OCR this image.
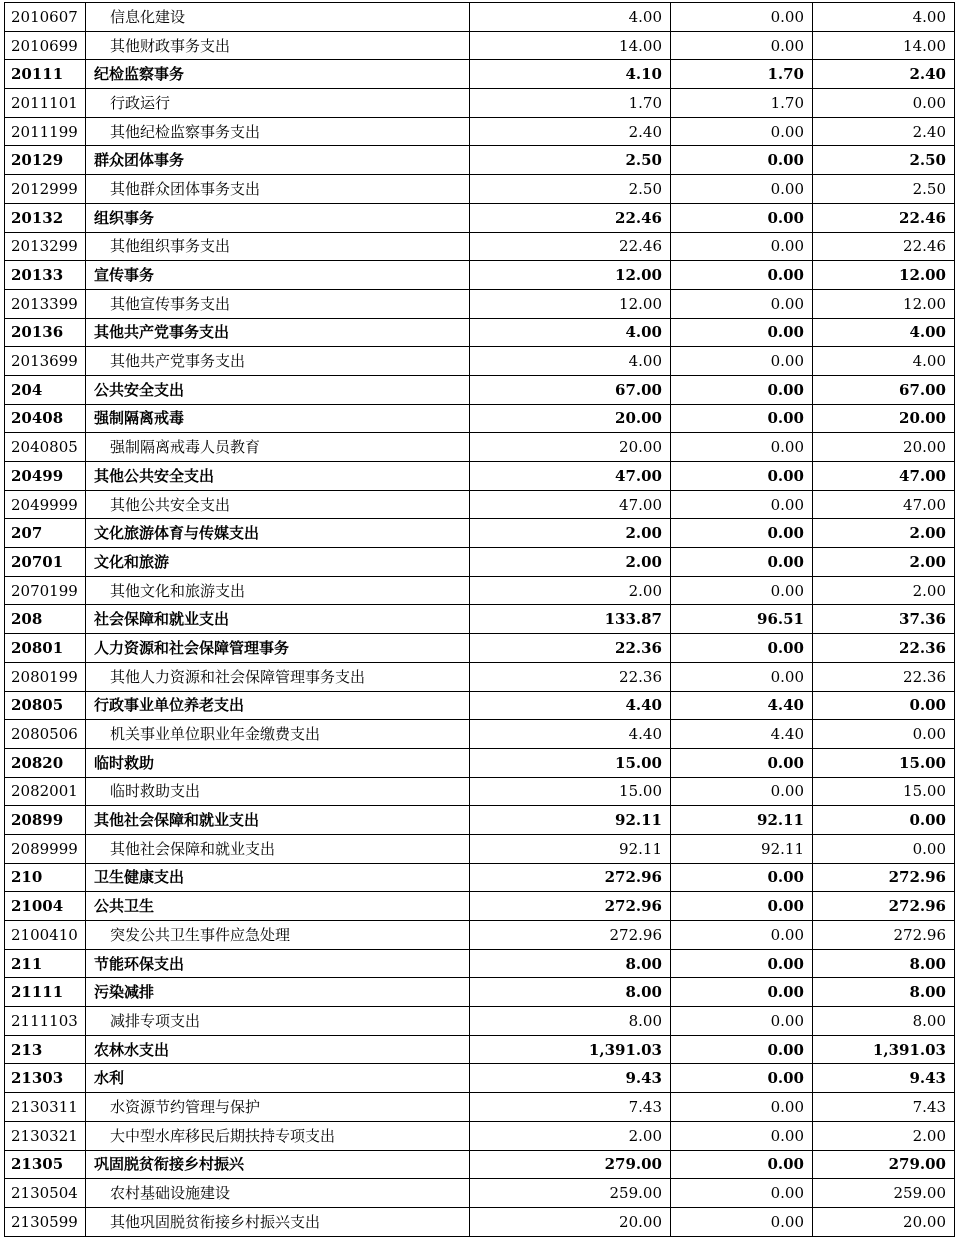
2010607	信息化建设	4.00	0.00	4.00
2010699	其他财政事务支出	14.00	0.00	14.00
20111	纪检监察事务	4.10	1.70	2.40
2011101	行政运行	1.70	1.70	0.00
2011199	其他纪检监察事务支出	2.40	0.00	2.40
20129	群众团体事务	2.50	0.00	2.50
2012999	其他群众团体事务支出	2.50	0.00	2.50
20132	组织事务	22.46	0.00	22.46
2013299	其他组织事务支出	22.46	0.00	22.46
20133	宣传事务	12.00	0.00	12.00
2013399	其他宣传事务支出	12.00	0.00	12.00
20136	其他共产党事务支出	4.00	0.00	4.00
2013699	其他共产党事务支出	4.00	0.00	4.00
204	公共安全支出	67.00	0.00	67.00
20408	强制隔离戒毒	20.00	0.00	20.00
2040805	强制隔离戒毒人员教育	20.00	0.00	20.00
20499	其他公共安全支出	47.00	0.00	47.00
2049999	其他公共安全支出	47.00	0.00	47.00
207	文化旅游体育与传媒支出	2.00	0.00	2.00
20701	文化和旅游	2.00	0.00	2.00
2070199	其他文化和旅游支出	2.00	0.00	2.00
208	社会保障和就业支出	133.87	96.51	37.36
20801	人力资源和社会保障管理事务	22.36	0.00	22.36
2080199	其他人力资源和社会保障管理事务支出	22.36	0.00	22.36
20805	行政事业单位养老支出	4.40	4.40	0.00
2080506	机关事业单位职业年金缴费支出	4.40	4.40	0.00
20820	临时救助	15.00	0.00	15.00
2082001	临时救助支出	15.00	0.00	15.00
20899	其他社会保障和就业支出	92.11	92.11	0.00
2089999	其他社会保障和就业支出	92.11	92.11	0.00
210	卫生健康支出	272.96	0.00	272.96
21004	公共卫生	272.96	0.00	272.96
2100410	突发公共卫生事件应急处理	272.96	0.00	272.96
211	节能环保支出	8.00	0.00	8.00
21111	污染减排	8.00	0.00	8.00
2111103	减排专项支出	8.00	0.00	8.00
213	农林水支出	1,391.03	0.00	1,391.03
21303	水利	9.43	0.00	9.43
2130311	水资源节约管理与保护	7.43	0.00	7.43
2130321	大中型水库移民后期扶持专项支出	2.00	0.00	2.00
21305	巩固脱贫衔接乡村振兴	279.00	0.00	279.00
2130504	农村基础设施建设	259.00	0.00	259.00
2130599	其他巩固脱贫衔接乡村振兴支出	20.00	0.00	20.00
